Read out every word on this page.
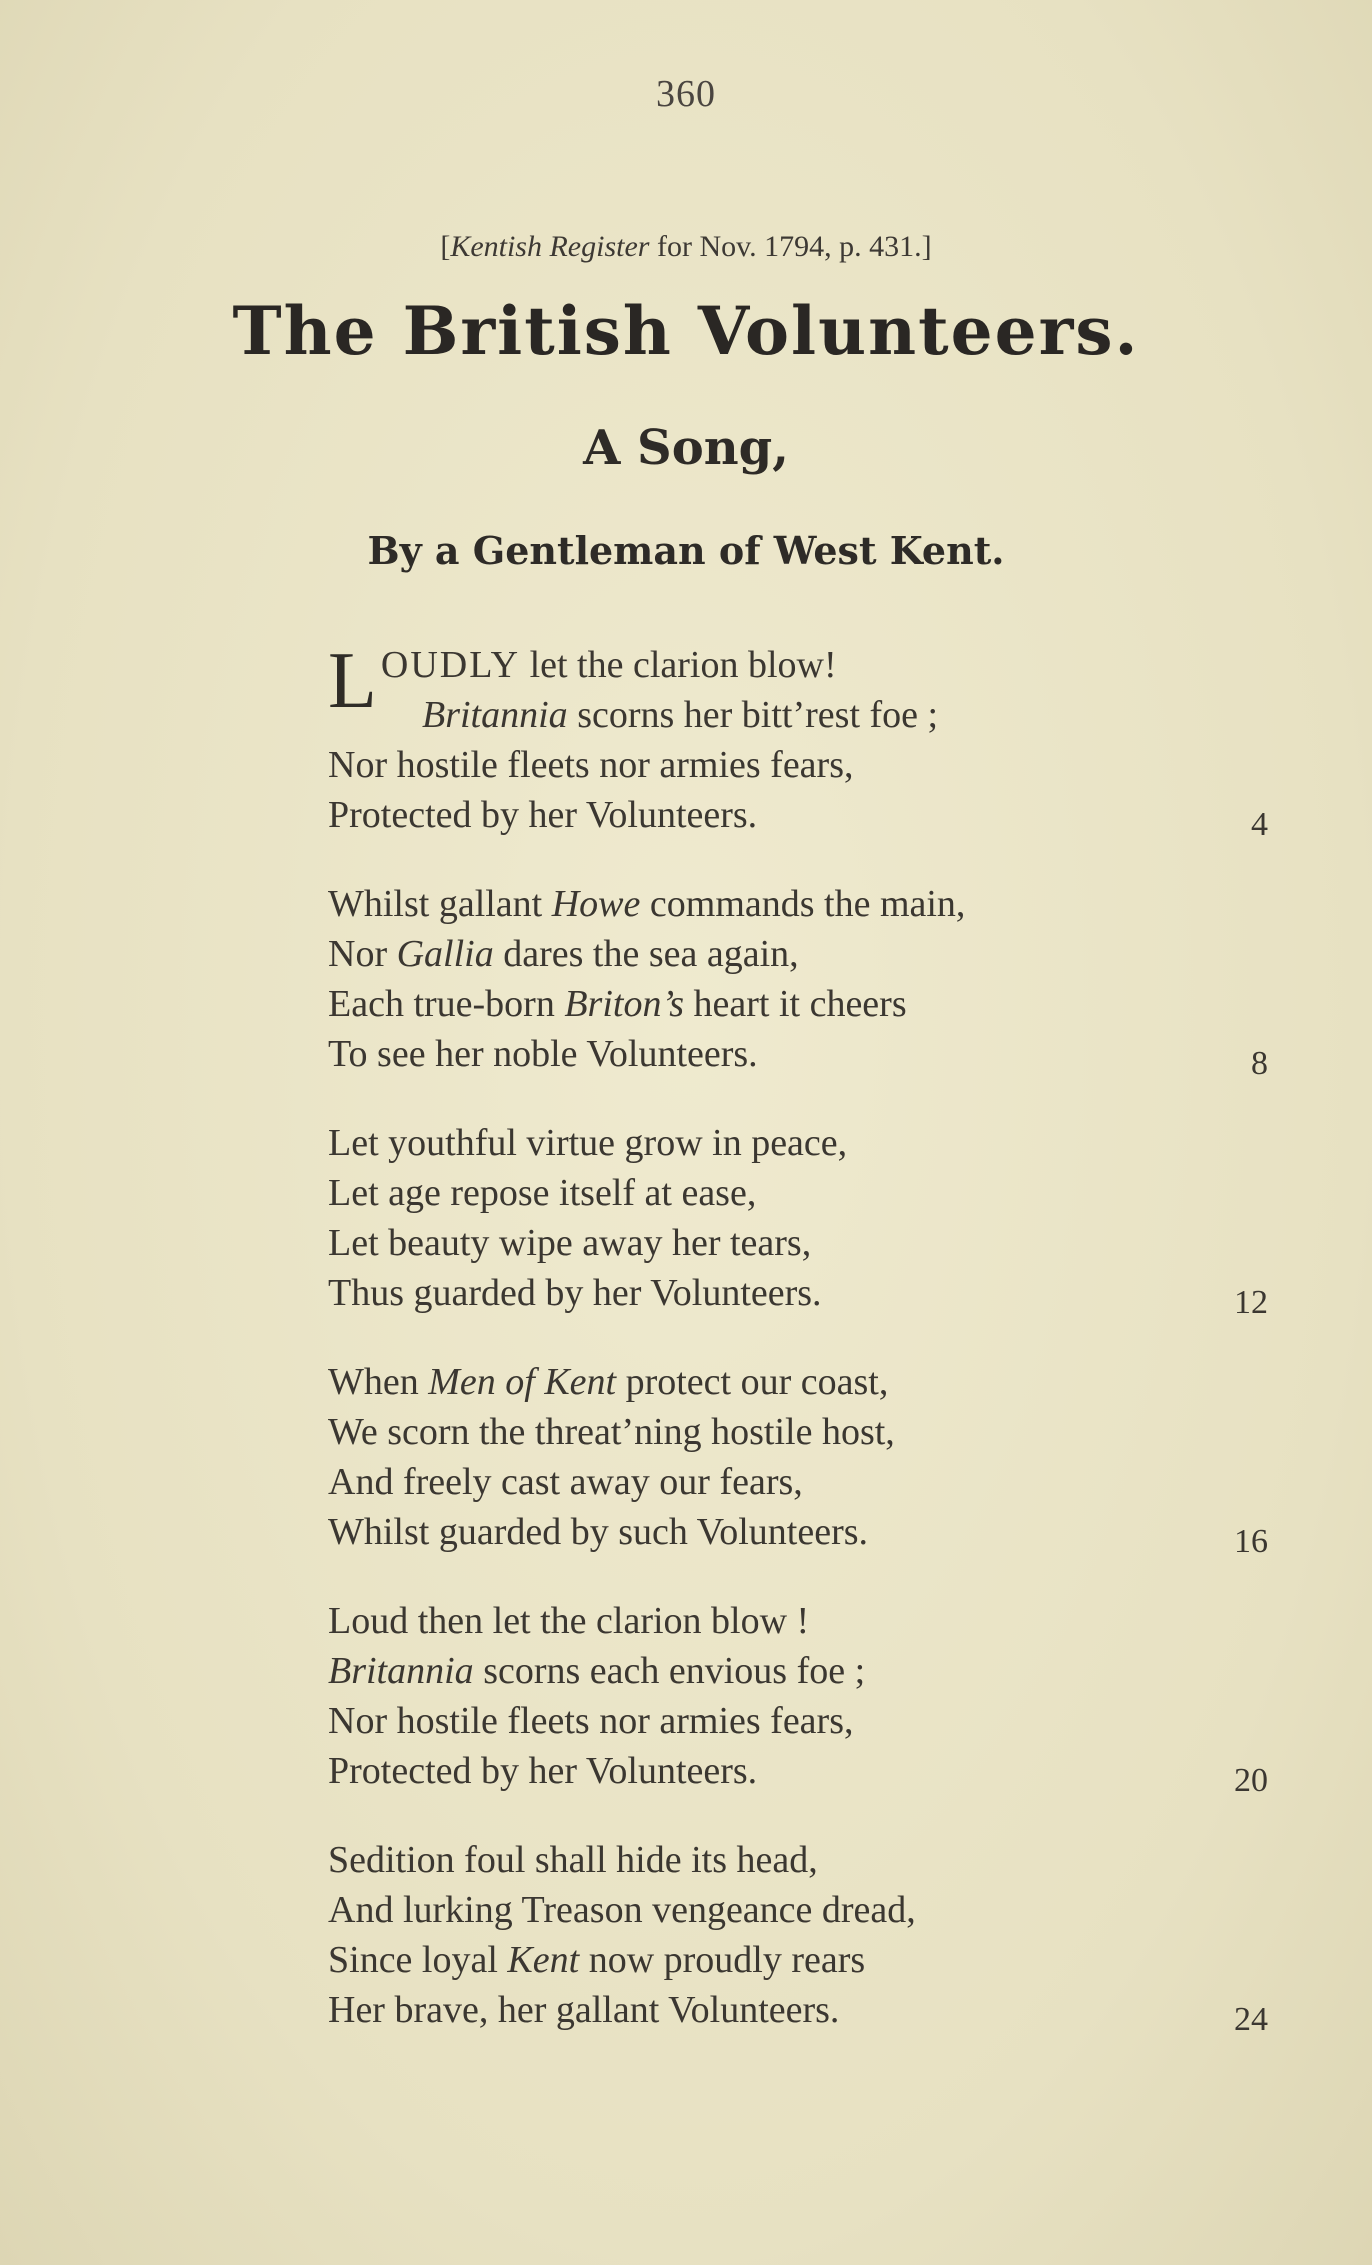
360
[Kentish Register for Nov. 1794, p. 431.]
The British Volunteers.
A Song,
By a Gentleman of West Kent.
LOUDLY let the clarion blow!
Britannia scorns her bitt’rest foe ;
Nor hostile fleets nor armies fears,
Protected by her Volunteers.	4
Whilst gallant Howe commands the main,
Nor Gallia dares the sea again,
Each true-born Briton’s heart it cheers
To see her noble Volunteers.	8
Let youthful virtue grow in peace,
Let age repose itself at ease,
Let beauty wipe away her tears,
Thus guarded by her Volunteers.	12
When Men of Kent protect our coast,
We scorn the threat’ning hostile host,
And freely cast away our fears,
Whilst guarded by such Volunteers.	16
Loud then let the clarion blow !
Britannia scorns each envious foe ;
Nor hostile fleets nor armies fears,
Protected by her Volunteers.	20
Sedition foul shall hide its head,
And lurking Treason vengeance dread,
Since loyal Kent now proudly rears
Her brave, her gallant Volunteers.	24
